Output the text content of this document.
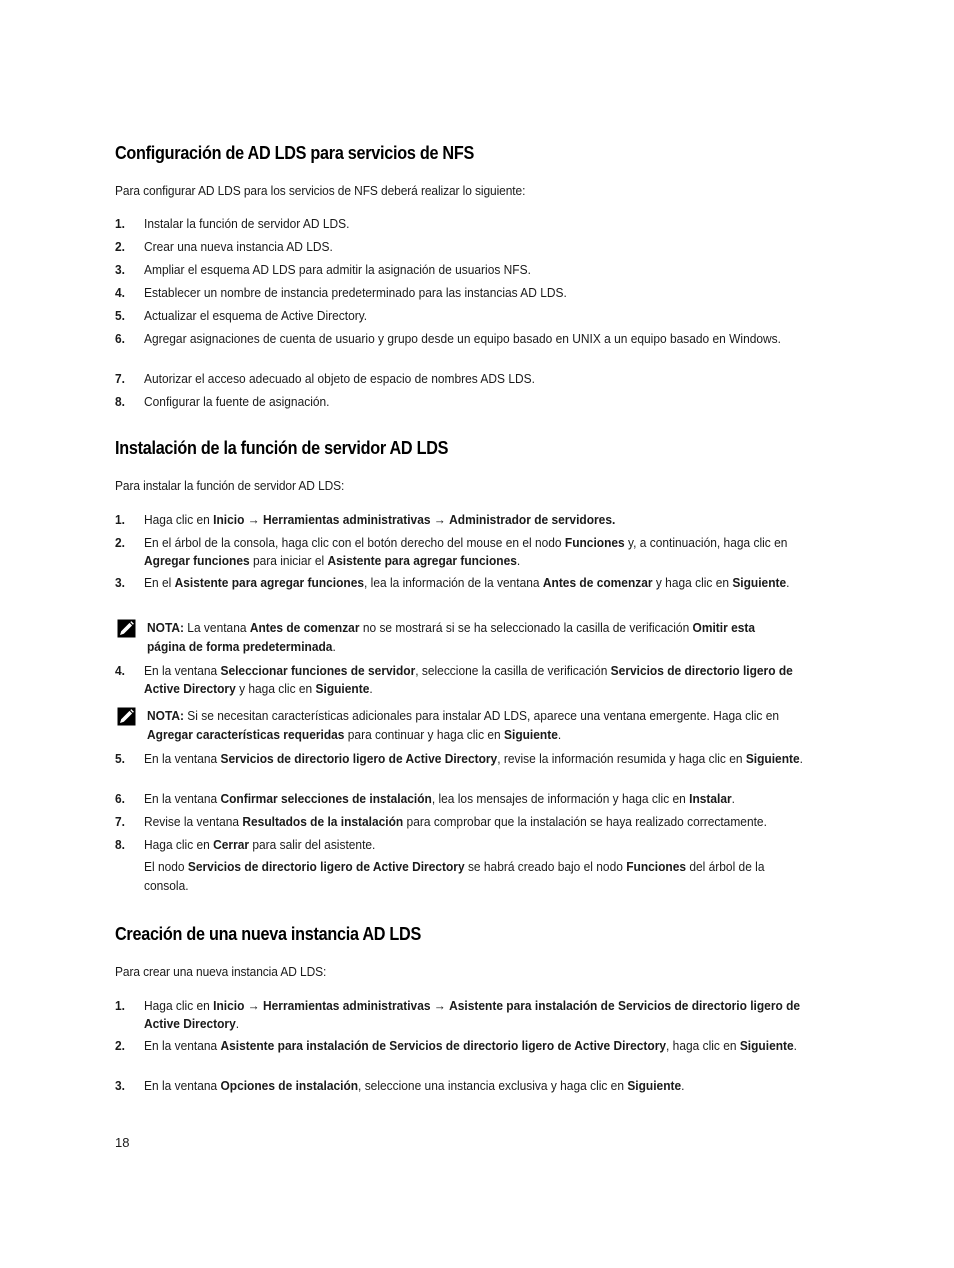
Configuración de AD LDS para servicios de NFS

Para configurar AD LDS para los servicios de NFS deberá realizar lo siguiente:

1. Instalar la función de servidor AD LDS.
2. Crear una nueva instancia AD LDS.
3. Ampliar el esquema AD LDS para admitir la asignación de usuarios NFS.
4. Establecer un nombre de instancia predeterminado para las instancias AD LDS.
5. Actualizar el esquema de Active Directory.
6. Agregar asignaciones de cuenta de usuario y grupo desde un equipo basado en UNIX a un equipo basado en Windows.
7. Autorizar el acceso adecuado al objeto de espacio de nombres ADS LDS.
8. Configurar la fuente de asignación.
Instalación de la función de servidor AD LDS

Para instalar la función de servidor AD LDS:

1. Haga clic en Inicio → Herramientas administrativas → Administrador de servidores.
2. En el árbol de la consola, haga clic con el botón derecho del mouse en el nodo Funciones y, a continuación, haga clic en Agregar funciones para iniciar el Asistente para agregar funciones.
3. En el Asistente para agregar funciones, lea la información de la ventana Antes de comenzar y haga clic en Siguiente.
NOTA: La ventana Antes de comenzar no se mostrará si se ha seleccionado la casilla de verificación Omitir esta página de forma predeterminada.
4. En la ventana Seleccionar funciones de servidor, seleccione la casilla de verificación Servicios de directorio ligero de Active Directory y haga clic en Siguiente.
NOTA: Si se necesitan características adicionales para instalar AD LDS, aparece una ventana emergente. Haga clic en Agregar características requeridas para continuar y haga clic en Siguiente.
5. En la ventana Servicios de directorio ligero de Active Directory, revise la información resumida y haga clic en Siguiente.
6. En la ventana Confirmar selecciones de instalación, lea los mensajes de información y haga clic en Instalar.
7. Revise la ventana Resultados de la instalación para comprobar que la instalación se haya realizado correctamente.
8. Haga clic en Cerrar para salir del asistente.
El nodo Servicios de directorio ligero de Active Directory se habrá creado bajo el nodo Funciones del árbol de la consola.
Creación de una nueva instancia AD LDS

Para crear una nueva instancia AD LDS:

1. Haga clic en Inicio → Herramientas administrativas → Asistente para instalación de Servicios de directorio ligero de Active Directory.
2. En la ventana Asistente para instalación de Servicios de directorio ligero de Active Directory, haga clic en Siguiente.
3. En la ventana Opciones de instalación, seleccione una instancia exclusiva y haga clic en Siguiente.
18
